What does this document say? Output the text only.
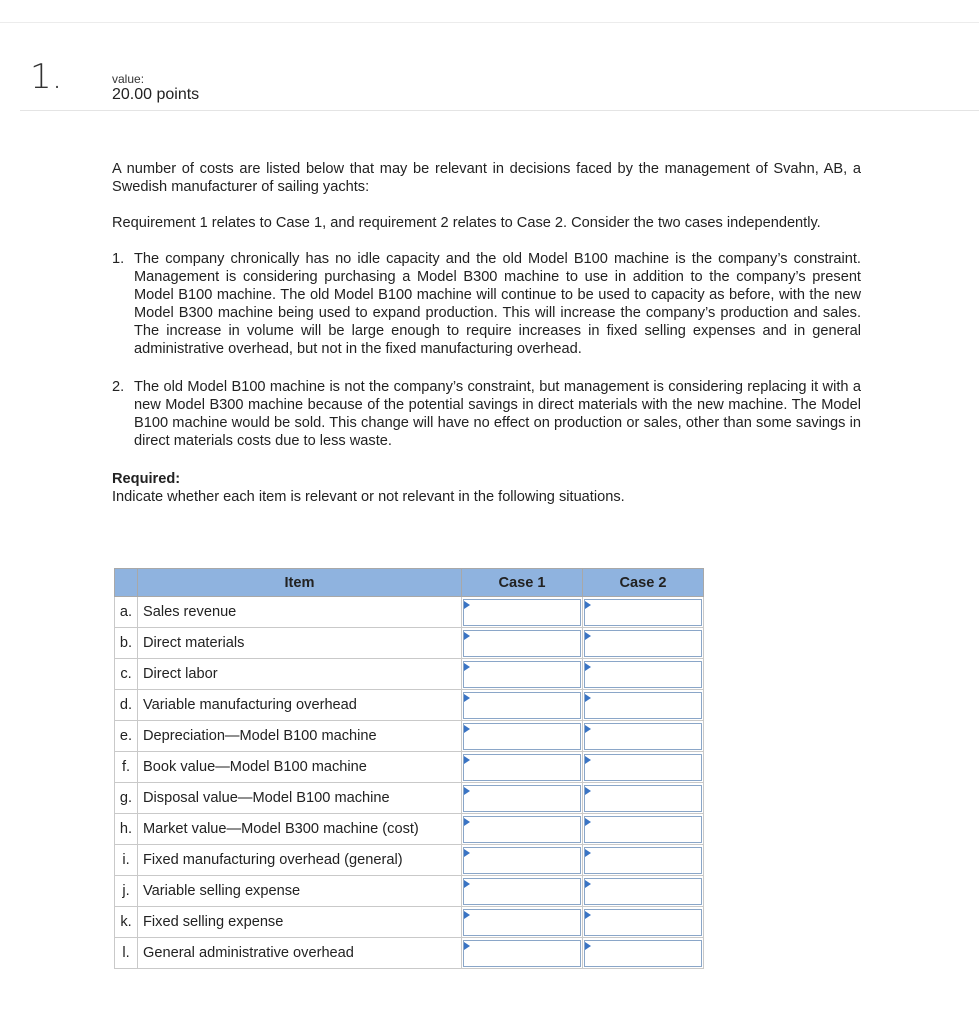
1.	value:
20.00 points

A number of costs are listed below that may be relevant in decisions faced by the management of Svahn, AB, a Swedish manufacturer of sailing yachts:

Requirement 1 relates to Case 1, and requirement 2 relates to Case 2. Consider the two cases independently.

1. The company chronically has no idle capacity and the old Model B100 machine is the company’s constraint. Management is considering purchasing a Model B300 machine to use in addition to the company’s present Model B100 machine. The old Model B100 machine will continue to be used to capacity as before, with the new Model B300 machine being used to expand production. This will increase the company’s production and sales. The increase in volume will be large enough to require increases in fixed selling expenses and in general administrative overhead, but not in the fixed manufacturing overhead.
2. The old Model B100 machine is not the company’s constraint, but management is considering replacing it with a new Model B300 machine because of the potential savings in direct materials with the new machine. The Model B100 machine would be sold. This change will have no effect on production or sales, other than some savings in direct materials costs due to less waste.

Required:

Indicate whether each item is relevant or not relevant in the following situations.

	Item	Case 1	Case 2
a.	Sales revenue	

b.	Direct materials	

c.	Direct labor	

d.	Variable manufacturing overhead	

e.	Depreciation—Model B100 machine	

f.	Book value—Model B100 machine	

g.	Disposal value—Model B100 machine	

h.	Market value—Model B300 machine (cost)	

i.	Fixed manufacturing overhead (general)	

j.	Variable selling expense	

k.	Fixed selling expense	

l.	General administrative overhead	
